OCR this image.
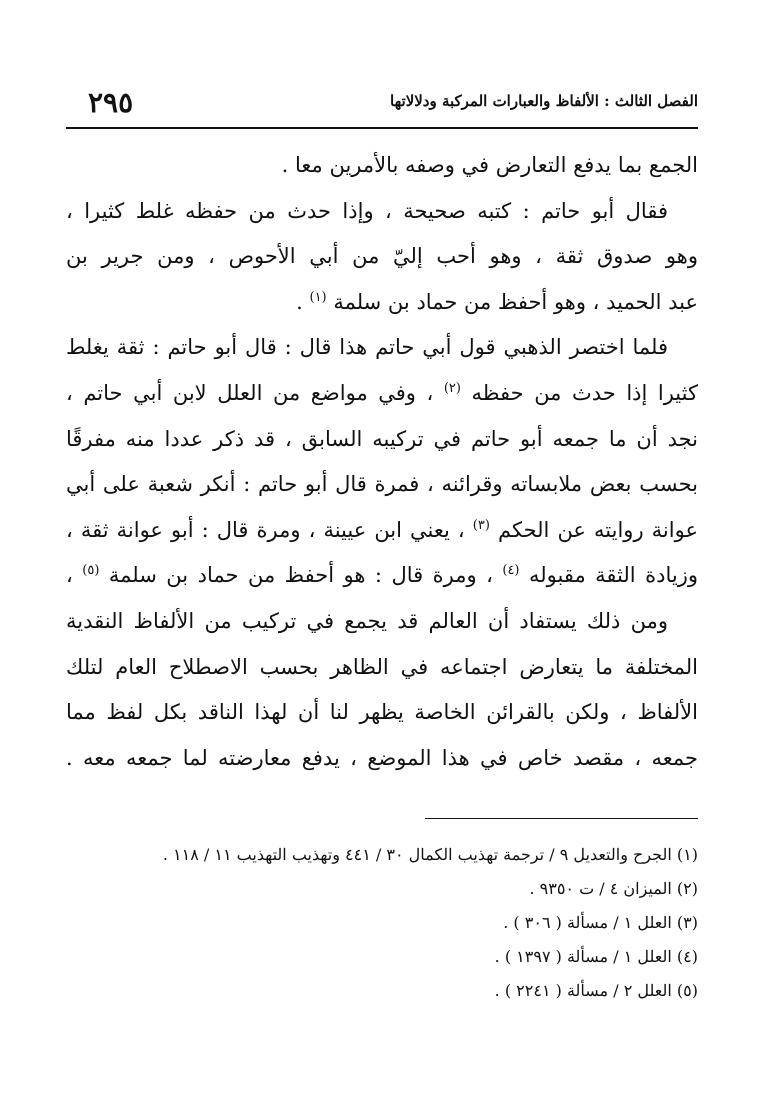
٢٩٥	الفصل الثالث : الألفاظ والعبارات المركبة ودلالاتها
الجمع بما يدفع التعارض في وصفه بالأمرين معا .
فقال أبو حاتم : كتبه صحيحة ، وإذا حدث من حفظه غلط كثيرا ،
وهو صدوق ثقة ، وهو أحب إليّ من أبي الأحوص ، ومن جرير بن
عبد الحميد ، وهو أحفظ من حماد بن سلمة $^{(١)}$ .
فلما اختصر الذهبي قول أبي حاتم هذا قال : قال أبو حاتم : ثقة يغلط
كثيرا إذا حدث من حفظه $^{(٢)}$ ، وفي مواضع من العلل لابن أبي حاتم ،
نجد أن ما جمعه أبو حاتم في تركيبه السابق ، قد ذكر عددا منه مفرقًا
بحسب بعض ملابساته وقرائنه ، فمرة قال أبو حاتم : أنكر شعبة على أبي
عوانة روايته عن الحكم $^{(٣)}$ ، يعني ابن عيينة ، ومرة قال : أبو عوانة ثقة ،
وزيادة الثقة مقبوله $^{(٤)}$ ، ومرة قال : هو أحفظ من حماد بن سلمة $^{(٥)}$ ،
ومن ذلك يستفاد أن العالم قد يجمع في تركيب من الألفاظ النقدية
المختلفة ما يتعارض اجتماعه في الظاهر بحسب الاصطلاح العام لتلك
الألفاظ ، ولكن بالقرائن الخاصة يظهر لنا أن لهذا الناقد بكل لفظ مما
جمعه ، مقصد خاص في هذا الموضع ، يدفع معارضته لما جمعه معه .
(١) الجرح والتعديل ٩ / ترجمة تهذيب الكمال ٣٠ / ٤٤١ وتهذيب التهذيب ١١ / ١١٨ .
(٢) الميزان ٤ / ت ٩٣٥٠ .
(٣) العلل ١ / مسألة ( ٣٠٦ ) .
(٤) العلل ١ / مسألة ( ١٣٩٧ ) .
(٥) العلل ٢ / مسألة ( ٢٢٤١ ) .
